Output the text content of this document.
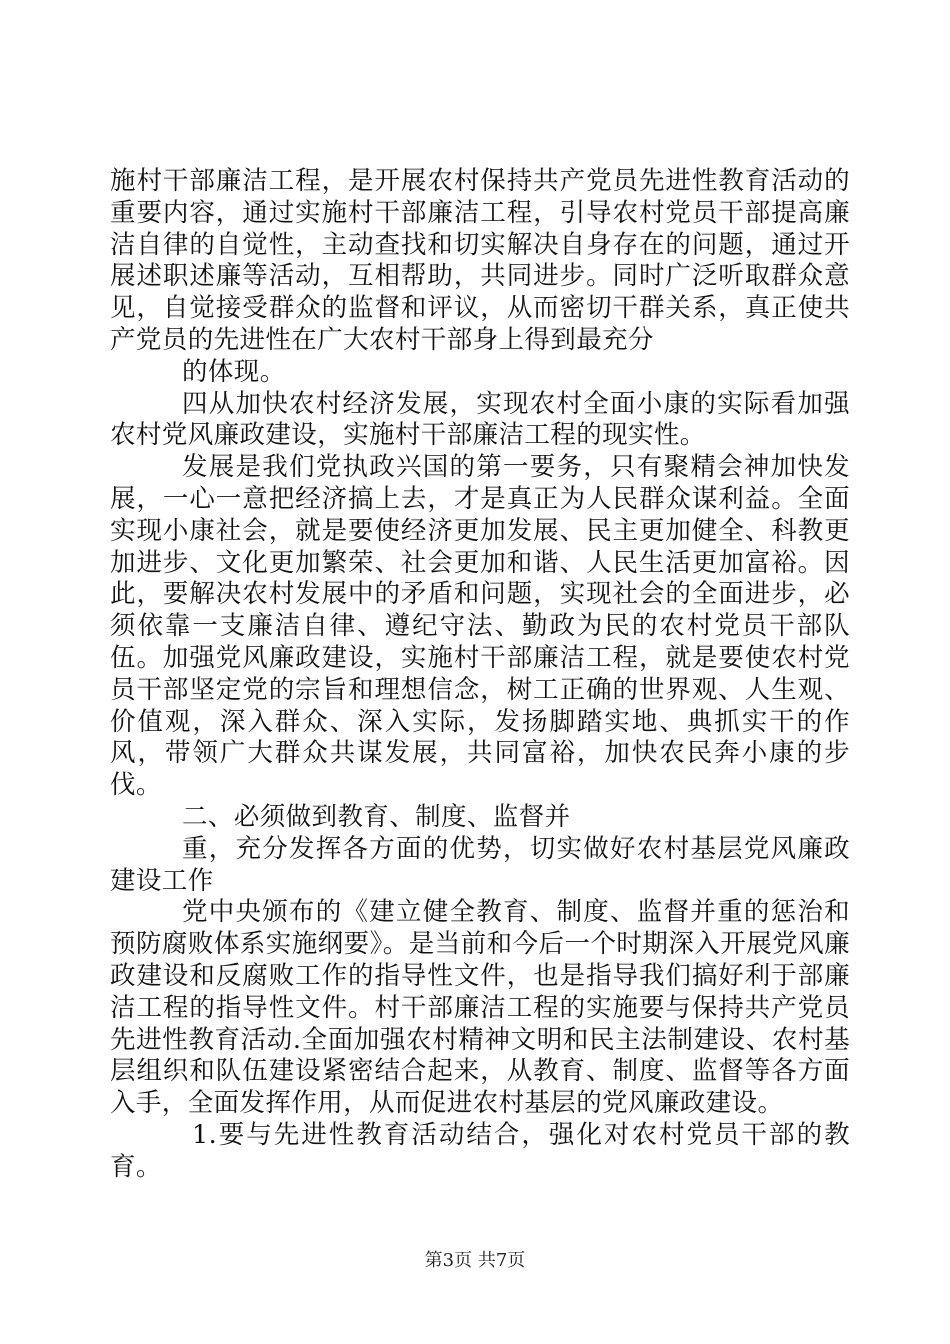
施村干部廉洁工程，是开展农村保持共产党员先进性教育活动的重要内容，通过实施村干部廉洁工程，引导农村党员干部提高廉洁自律的自觉性，主动查找和切实解决自身存在的问题，通过开展述职述廉等活动，互相帮助，共同进步。同时广泛听取群众意见，自觉接受群众的监督和评议，从而密切干群关系，真正使共产党员的先进性在广大农村干部身上得到最充分

的体现。

四从加快农村经济发展，实现农村全面小康的实际看加强农村党风廉政建设，实施村干部廉洁工程的现实性。

发展是我们党执政兴国的第一要务，只有聚精会神加快发展，一心一意把经济搞上去，才是真正为人民群众谋利益。全面实现小康社会，就是要使经济更加发展、民主更加健全、科教更加进步、文化更加繁荣、社会更加和谐、人民生活更加富裕。因此，要解决农村发展中的矛盾和问题，实现社会的全面进步，必须依靠一支廉洁自律、遵纪守法、勤政为民的农村党员干部队伍。加强党风廉政建设，实施村干部廉洁工程，就是要使农村党员干部坚定党的宗旨和理想信念，树工正确的世界观、人生观、价值观，深入群众、深入实际，发扬脚踏实地、典抓实干的作风，带领广大群众共谋发展，共同富裕，加快农民奔小康的步伐。

二、必须做到教育、制度、监督并

重，充分发挥各方面的优势，切实做好农村基层党风廉政建设工作

党中央颁布的《建立健全教育、制度、监督并重的惩治和预防腐败体系实施纲要》。是当前和今后一个时期深入开展党风廉政建设和反腐败工作的指导性文件，也是指导我们搞好利于部廉洁工程的指导性文件。村干部廉洁工程的实施要与保持共产党员先进性教育活动.全面加强农村精神文明和民主法制建设、农村基层组织和队伍建设紧密结合起来，从教育、制度、监督等各方面入手，全面发挥作用，从而促进农村基层的党风廉政建设。

1.要与先进性教育活动结合，强化对农村党员干部的教育。

第3页 共7页
